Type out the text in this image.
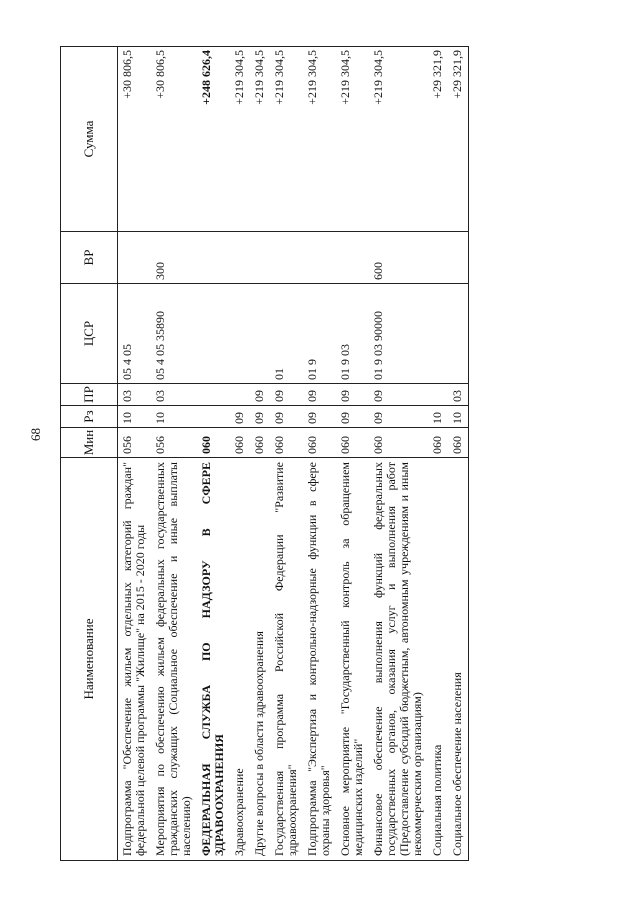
68
Наименование	Мин	Рз	ПР	ЦСР	ВР	Сумма
Подпрограмма "Обеспечение жильем отдельных категорий граждан" федеральной целевой программы "Жилище" на 2015 - 2020 годы	056	10	03	05 4 05		+30 806,5
Мероприятия по обеспечению жильем федеральных государственных гражданских служащих (Социальное обеспечение и иные выплаты населению)	056	10	03	05 4 05 35890	300	+30 806,5
ФЕДЕРАЛЬНАЯ СЛУЖБА ПО НАДЗОРУ В СФЕРЕ ЗДРАВООХРАНЕНИЯ	060					+248 626,4
Здравоохранение	060	09				+219 304,5
Другие вопросы в области здравоохранения	060	09	09			+219 304,5
Государственная программа Российской Федерации "Развитие здравоохранения"	060	09	09	01		+219 304,5
Подпрограмма "Экспертиза и контрольно-надзорные функции в сфере охраны здоровья"	060	09	09	01 9		+219 304,5
Основное мероприятие "Государственный контроль за обращением медицинских изделий"	060	09	09	01 9 03		+219 304,5
Финансовое обеспечение выполнения функций федеральных государственных органов, оказания услуг и выполнения работ (Предоставление субсидий бюджетным, автономным учреждениям и иным некоммерческим организациям)	060	09	09	01 9 03 90000	600	+219 304,5
Социальная политика	060	10				+29 321,9
Социальное обеспечение населения	060	10	03			+29 321,9
